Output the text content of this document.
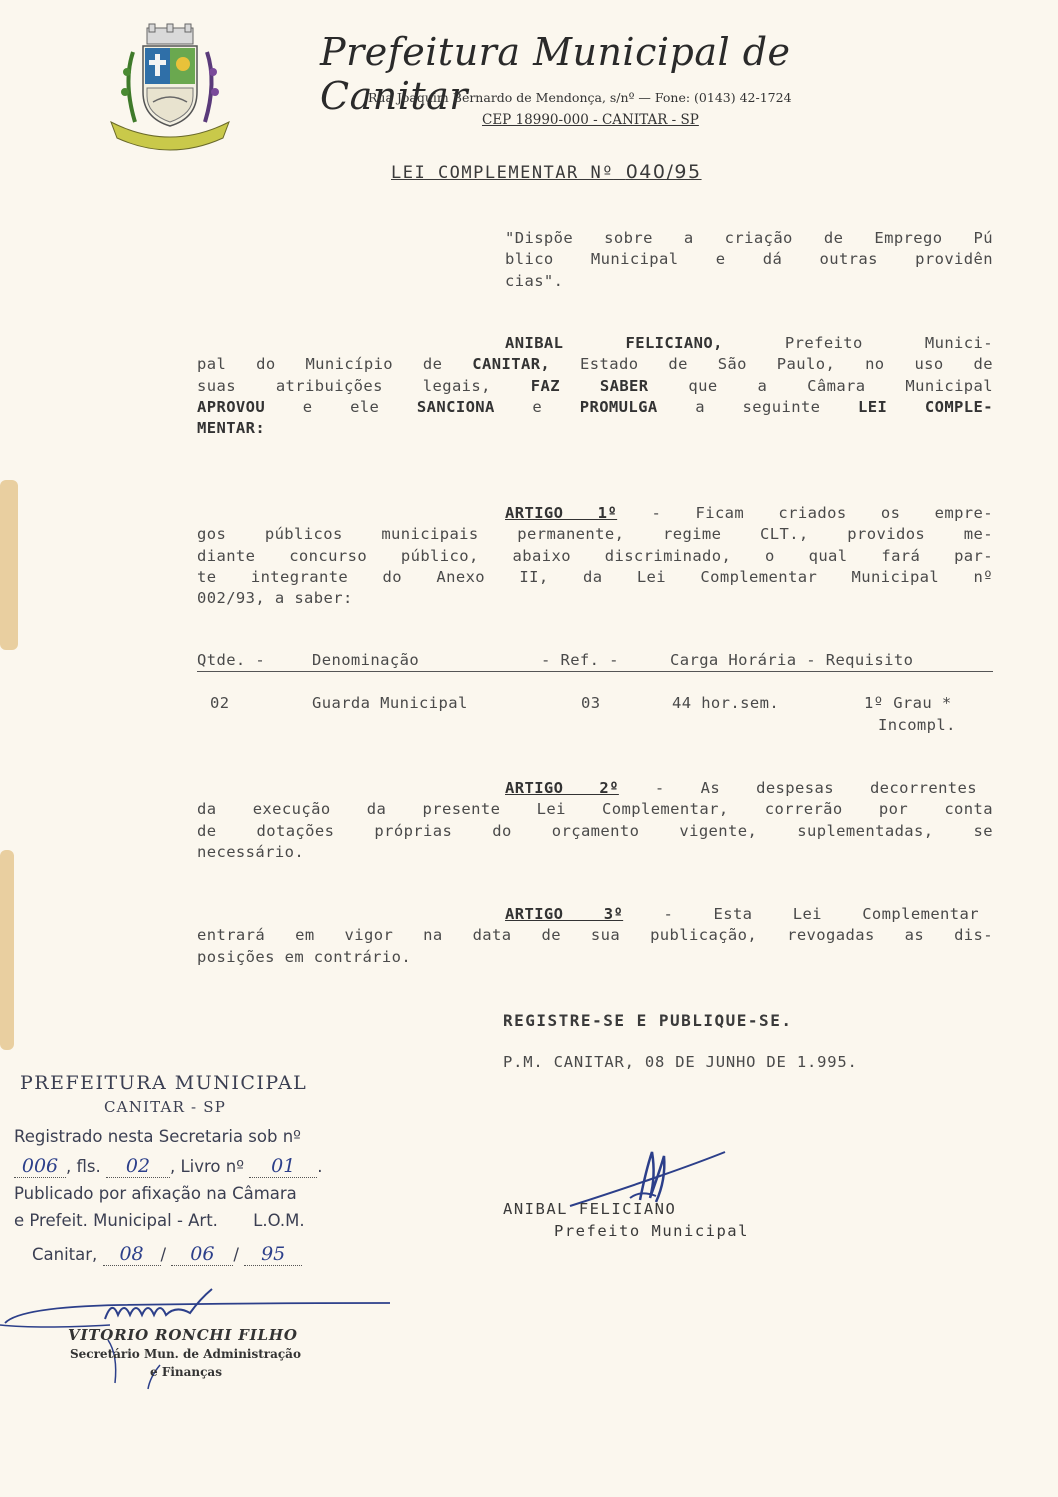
Prefeitura Municipal de Canitar
Rua Joaquim Bernardo de Mendonça, s/nº — Fone: (0143) 42-1724
CEP 18990-000 - CANITAR - SP
LEI COMPLEMENTAR Nº 040/95
"Dispõe sobre a criação de Emprego Pú
blico Municipal e dá outras providên
cias".
ANIBAL FELICIANO, Prefeito Munici-
pal do Município de CANITAR, Estado de São Paulo, no uso de
suas atribuições legais, FAZ SABER que a Câmara Municipal
APROVOU e ele SANCIONA e PROMULGA a seguinte LEI COMPLE-
MENTAR:
ARTIGO 1º - Ficam criados os empre-
gos públicos municipais permanente, regime CLT., providos me-
diante concurso público, abaixo discriminado, o qual fará par-
te integrante do Anexo II, da Lei Complementar Municipal nº
002/93, a saber:
Qtde. -	Denominação	- Ref. -	Carga Horária - Requisito
02	Guarda Municipal	03	44 hor.sem.	1º Grau *
Incompl.
ARTIGO 2º - As despesas decorrentes
da execução da presente Lei Complementar, correrão por conta
de dotações próprias do orçamento vigente, suplementadas, se
necessário.
ARTIGO 3º - Esta Lei Complementar
entrará em vigor na data de sua publicação, revogadas as dis-
posições em contrário.
REGISTRE-SE E PUBLIQUE-SE.
P.M. CANITAR, 08 DE JUNHO DE 1.995.
ANIBAL FELICIANO
Prefeito Municipal
PREFEITURA MUNICIPAL
CANITAR - SP
Registrado nesta Secretaria sob nº
006 , fls. 02 , Livro nº 01 .
Publicado por afixação na Câmara
e Prefeit. Municipal - Art. L.O.M.
Canitar, 08 / 06 / 95
VITORIO RONCHI FILHO
Secretário Mun. de Administração
e Finanças
